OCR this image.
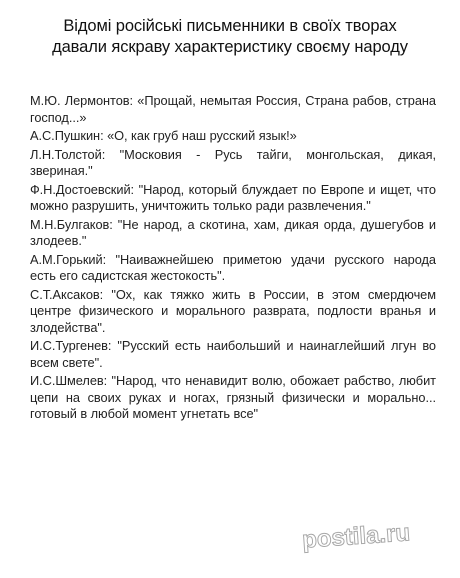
Відомі російські письменники в своїх творах
давали яскраву характеристику своєму народу

М.Ю. Лермонтов: «Прощай, немытая Россия, Страна рабов, страна господ...»

А.С.Пушкин: «О, как груб наш русский язык!»

Л.Н.Толстой: "Московия - Русь тайги, монгольская, дикая, звериная."

Ф.Н.Достоевский: "Народ, который блуждает по Европе и ищет, что можно разрушить, уничтожить только ради развлечения."

М.Н.Булгаков: "Не народ, а скотина, хам, дикая орда, душегубов и злодеев."

А.М.Горький: "Наиважнейшею приметою удачи русского народа есть его садистская жестокость".

С.Т.Аксаков: "Ох, как тяжко жить в России, в этом смердючем центре физического и морального разврата, подлости вранья и злодейства".

И.С.Тургенев: "Русский есть наибольший и наинаглейший лгун во всем свете".

И.С.Шмелев: "Народ, что ненавидит волю, обожает рабство, любит цепи на своих руках и ногах, грязный физически и морально... готовый в любой момент угнетать все"

postila.ru
